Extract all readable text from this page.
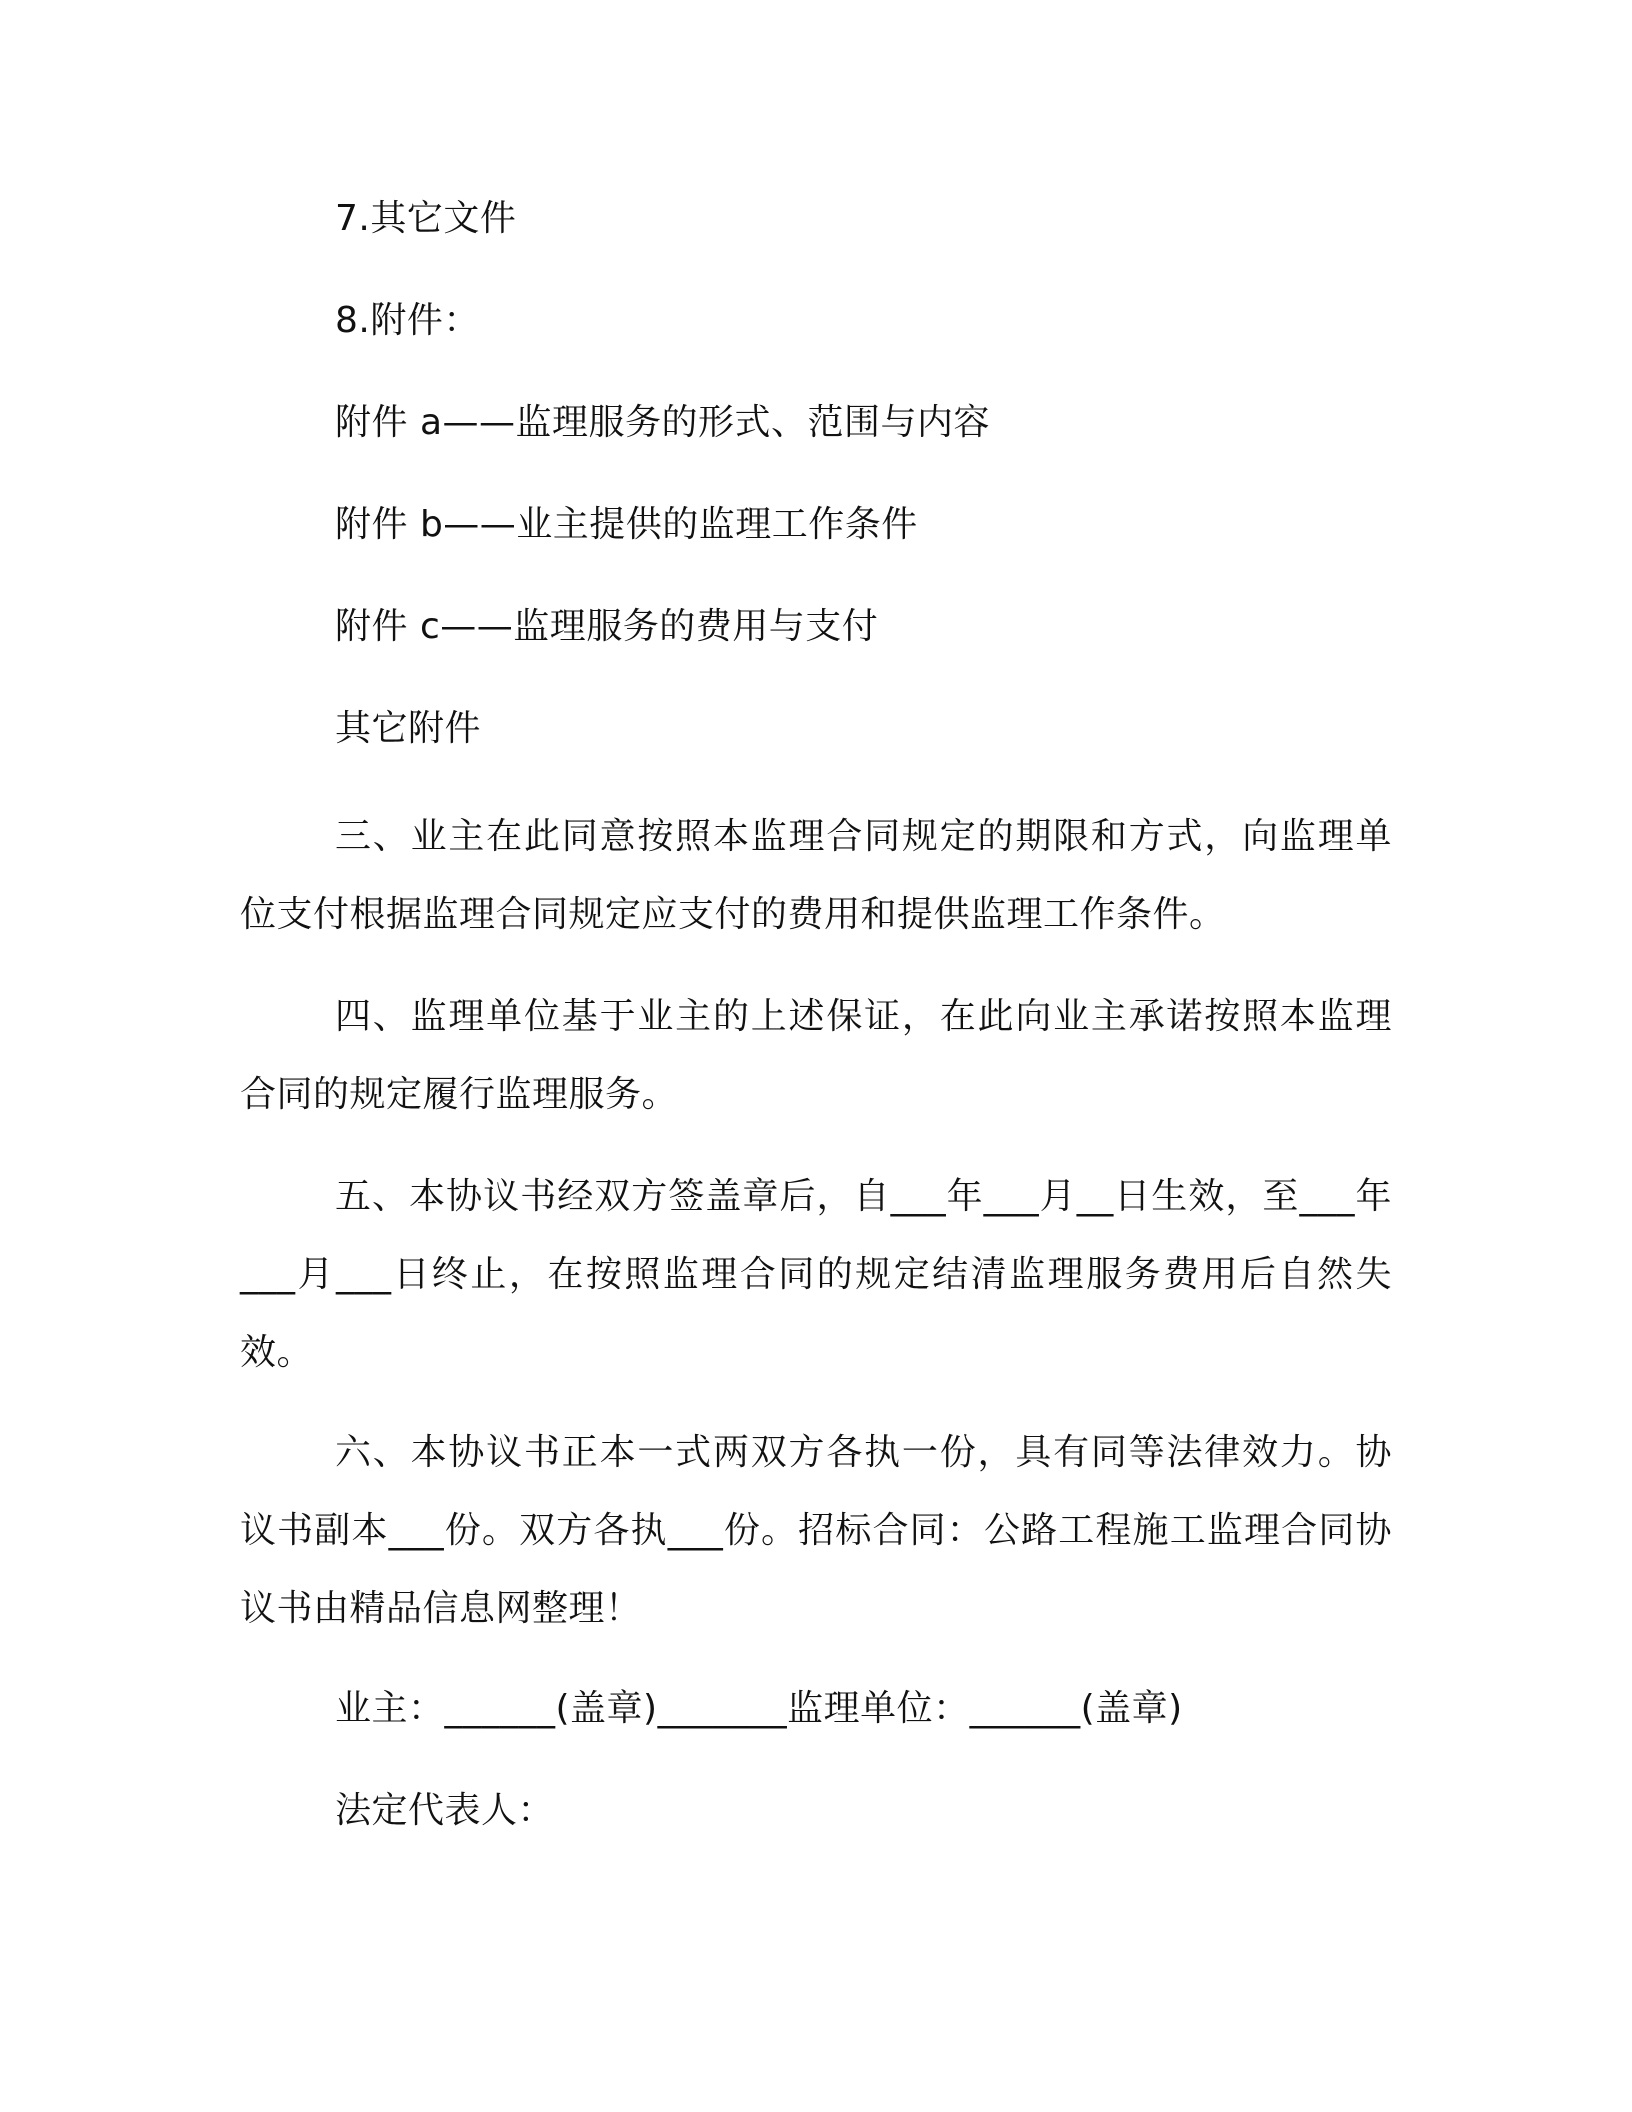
7.其它文件
8.附件：
附件 a——监理服务的形式、范围与内容
附件 b——业主提供的监理工作条件
附件 c——监理服务的费用与支付
其它附件
三、业主在此同意按照本监理合同规定的期限和方式，向监理单位支付根据监理合同规定应支付的费用和提供监理工作条件。
四、监理单位基于业主的上述保证，在此向业主承诺按照本监理合同的规定履行监理服务。
五、本协议书经双方签盖章后，自___年___月__日生效，至___年___月___日终止，在按照监理合同的规定结清监理服务费用后自然失效。
六、本协议书正本一式两双方各执一份，具有同等法律效力。协议书副本___份。双方各执___份。招标合同：公路工程施工监理合同协议书由精品信息网整理！
业主：______(盖章)_______监理单位：______(盖章)
法定代表人：
